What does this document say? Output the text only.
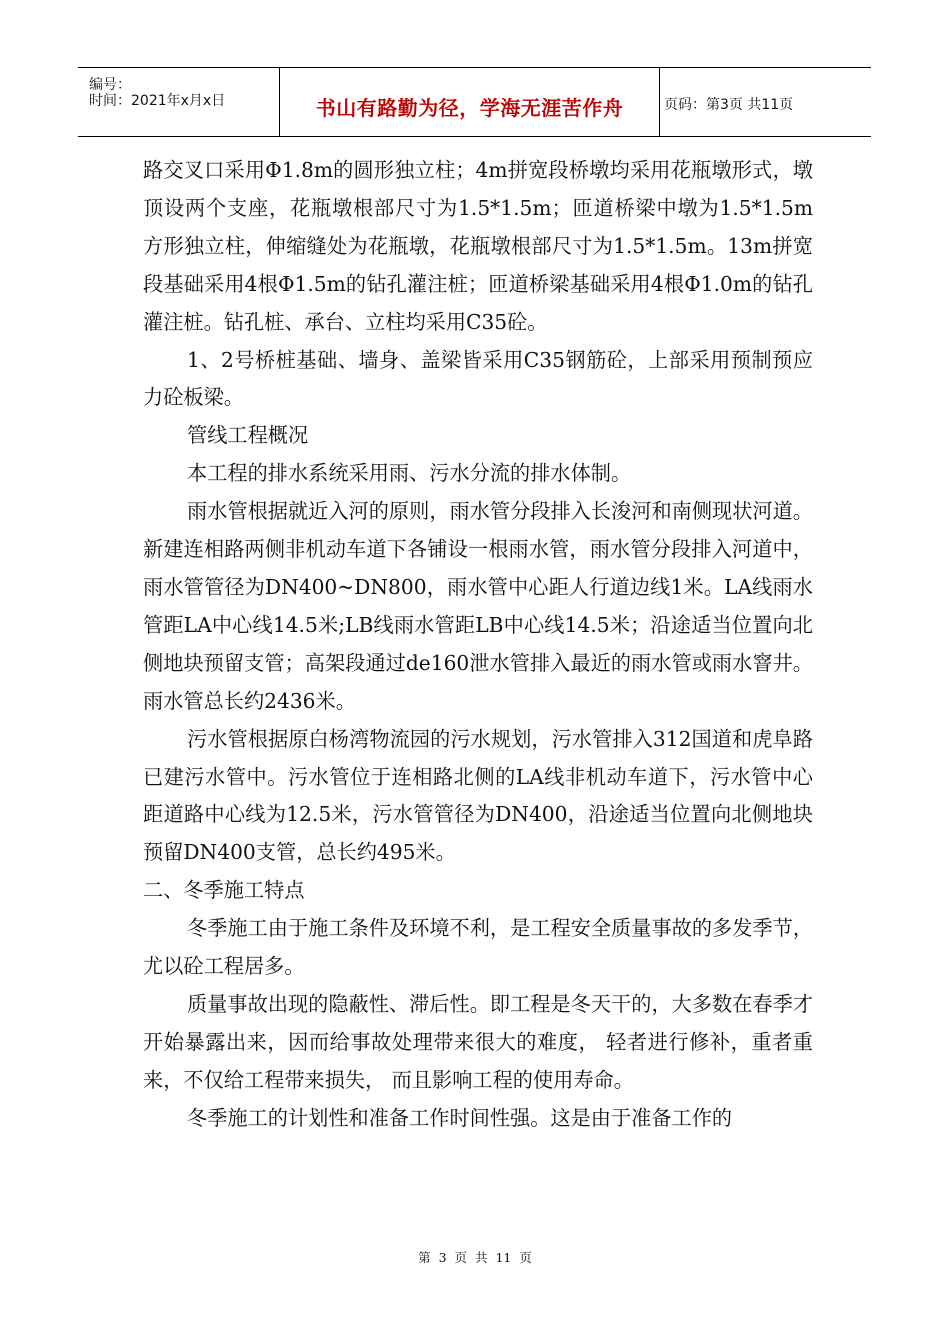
编号：
时间：2021年x月x日	书山有路勤为径，学海无涯苦作舟	页码：第3页 共11页

路交叉口采用Φ1.8m的圆形独立柱；4m拼宽段桥墩均采用花瓶墩形式，墩顶设两个支座，花瓶墩根部尺寸为1.5*1.5m；匝道桥梁中墩为1.5*1.5m方形独立柱，伸缩缝处为花瓶墩，花瓶墩根部尺寸为1.5*1.5m。13m拼宽段基础采用4根Φ1.5m的钻孔灌注桩；匝道桥梁基础采用4根Φ1.0m的钻孔灌注桩。钻孔桩、承台、立柱均采用C35砼。

1、2号桥桩基础、墙身、盖梁皆采用C35钢筋砼，上部采用预制预应力砼板梁。

管线工程概况

本工程的排水系统采用雨、污水分流的排水体制。

雨水管根据就近入河的原则，雨水管分段排入长浚河和南侧现状河道。新建连相路两侧非机动车道下各铺设一根雨水管，雨水管分段排入河道中，雨水管管径为DN400~DN800，雨水管中心距人行道边线1米。LA线雨水管距LA中心线14.5米;LB线雨水管距LB中心线14.5米；沿途适当位置向北侧地块预留支管；高架段通过de160泄水管排入最近的雨水管或雨水窨井。雨水管总长约2436米。

污水管根据原白杨湾物流园的污水规划，污水管排入312国道和虎阜路已建污水管中。污水管位于连相路北侧的LA线非机动车道下，污水管中心距道路中心线为12.5米，污水管管径为DN400，沿途适当位置向北侧地块预留DN400支管，总长约495米。

二、冬季施工特点

冬季施工由于施工条件及环境不利，是工程安全质量事故的多发季节，尤以砼工程居多。

质量事故出现的隐蔽性、滞后性。即工程是冬天干的，大多数在春季才开始暴露出来，因而给事故处理带来很大的难度， 轻者进行修补，重者重来，不仅给工程带来损失， 而且影响工程的使用寿命。

冬季施工的计划性和准备工作时间性强。这是由于准备工作的

第 3 页 共 11 页
